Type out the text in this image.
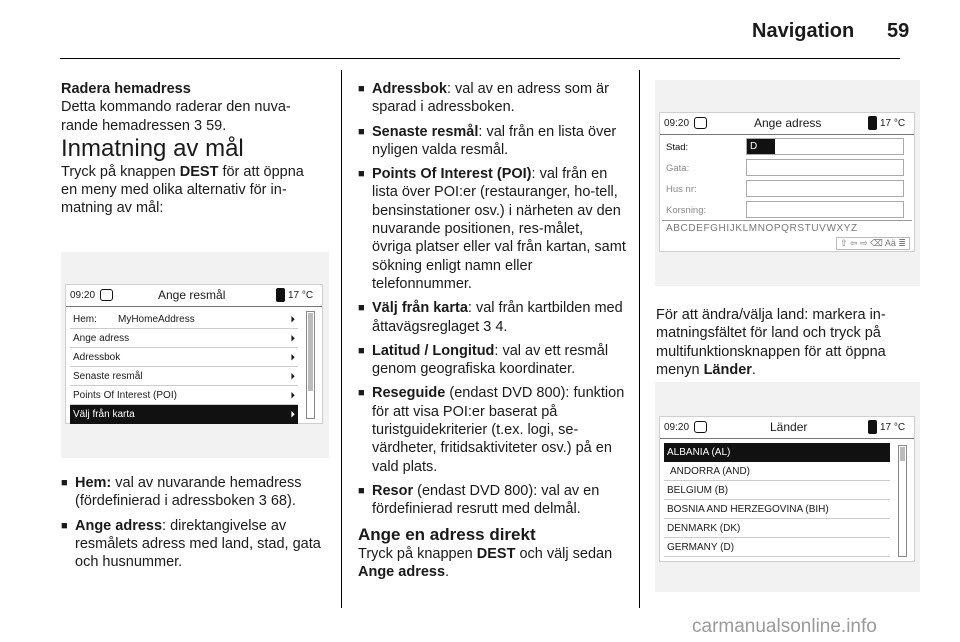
Navigation 59

Radera hemadress

Detta kommando raderar den nuva-

rande hemadressen 3 59.

Inmatning av mål

Tryck på knappen DEST för att öppna en meny med olika alternativ för in-matning av mål:

09:20	Ange resmål	17 °C
Hem: MyHomeAddress	⏵
Ange adress	⏵
Adressbok	⏵
Senaste resmål	⏵
Points Of Interest (POI)	⏵
Välj från karta	⏵
■ Hem: val av nuvarande hemadress (fördefinierad i adressboken 3 68).
■ Ange adress: direktangivelse av resmålets adress med land, stad, gata och husnummer.
■ Adressbok: val av en adress som är sparad i adressboken.
■ Senaste resmål: val från en lista över nyligen valda resmål.
■ Points Of Interest (POI): val från en lista över POI:er (restauranger, ho-tell, bensinstationer osv.) i närheten av den nuvarande positionen, res-målet, övriga platser eller val från kartan, samt sökning enligt namn eller telefonnummer.
■ Välj från karta: val från kartbilden med åttavägsreglaget 3 4.
■ Latitud / Longitud: val av ett resmål genom geografiska koordinater.
■ Reseguide (endast DVD 800): funktion för att visa POI:er baserat på turistguidekriterier (t.ex. logi, se-värdheter, fritidsaktiviteter osv.) på en vald plats.
■ Resor (endast DVD 800): val av en fördefinierad resrutt med delmål.

Ange en adress direkt

Tryck på knappen DEST och välj sedan Ange adress.

09:20	Ange adress	17 °C
Stad:	D
Gata:
Hus nr:
Korsning:
ABCDEFGHIJKLMNOPQRSTUVWXYZ
⇧ ⇦ ⇨ ⌫ Aä ≣

För att ändra/välja land: markera in-matningsfältet för land och tryck på multifunktionsknappen för att öppna menyn Länder.

09:20	Länder	17 °C
ALBANIA (AL)
ANDORRA (AND)
BELGIUM (B)
BOSNIA AND HERZEGOVINA (BIH)
DENMARK (DK)
GERMANY (D)
carmanualsonline.info
